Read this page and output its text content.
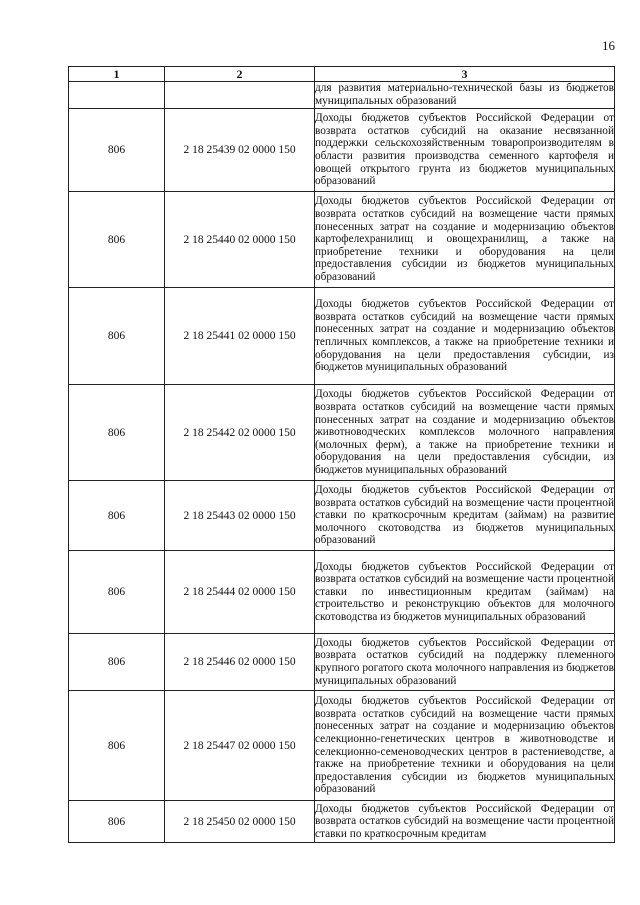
16
1	2	3
		для развития материально-технической базы из бюджетов муниципальных образований
806	2 18 25439 02 0000 150	Доходы бюджетов субъектов Российской Федерации от возврата остатков субсидий на оказание несвязанной поддержки сельскохозяйственным товаропроизводителям в области развития производства семенного картофеля и овощей открытого грунта из бюджетов муниципальных образований
806	2 18 25440 02 0000 150	Доходы бюджетов субъектов Российской Федерации от возврата остатков субсидий на возмещение части прямых понесенных затрат на создание и модернизацию объектов картофелехранилищ и овощехранилищ, а также на приобретение техники и оборудования на цели предоставления субсидии из бюджетов муниципальных образований
806	2 18 25441 02 0000 150	Доходы бюджетов субъектов Российской Федерации от возврата остатков субсидий на возмещение части прямых понесенных затрат на создание и модернизацию объектов тепличных комплексов, а также на приобретение техники и оборудования на цели предоставления субсидии, из бюджетов муниципальных образований
806	2 18 25442 02 0000 150	Доходы бюджетов субъектов Российской Федерации от возврата остатков субсидий на возмещение части прямых понесенных затрат на создание и модернизацию объектов животноводческих комплексов молочного направления (молочных ферм), а также на приобретение техники и оборудования на цели предоставления субсидии, из бюджетов муниципальных образований
806	2 18 25443 02 0000 150	Доходы бюджетов субъектов Российской Федерации от возврата остатков субсидий на возмещение части процентной ставки по краткосрочным кредитам (займам) на развитие молочного скотоводства из бюджетов муниципальных образований
806	2 18 25444 02 0000 150	Доходы бюджетов субъектов Российской Федерации от возврата остатков субсидий на возмещение части процентной ставки по инвестиционным кредитам (займам) на строительство и реконструкцию объектов для молочного скотоводства из бюджетов муниципальных образований
806	2 18 25446 02 0000 150	Доходы бюджетов субъектов Российской Федерации от возврата остатков субсидий на поддержку племенного крупного рогатого скота молочного направления из бюджетов муниципальных образований
806	2 18 25447 02 0000 150	Доходы бюджетов субъектов Российской Федерации от возврата остатков субсидий на возмещение части прямых понесенных затрат на создание и модернизацию объектов селекционно-генетических центров в животноводстве и селекционно-семеноводческих центров в растениеводстве, а также на приобретение техники и оборудования на цели предоставления субсидии из бюджетов муниципальных образований
806	2 18 25450 02 0000 150	Доходы бюджетов субъектов Российской Федерации от возврата остатков субсидий на возмещение части процентной ставки по краткосрочным кредитам
